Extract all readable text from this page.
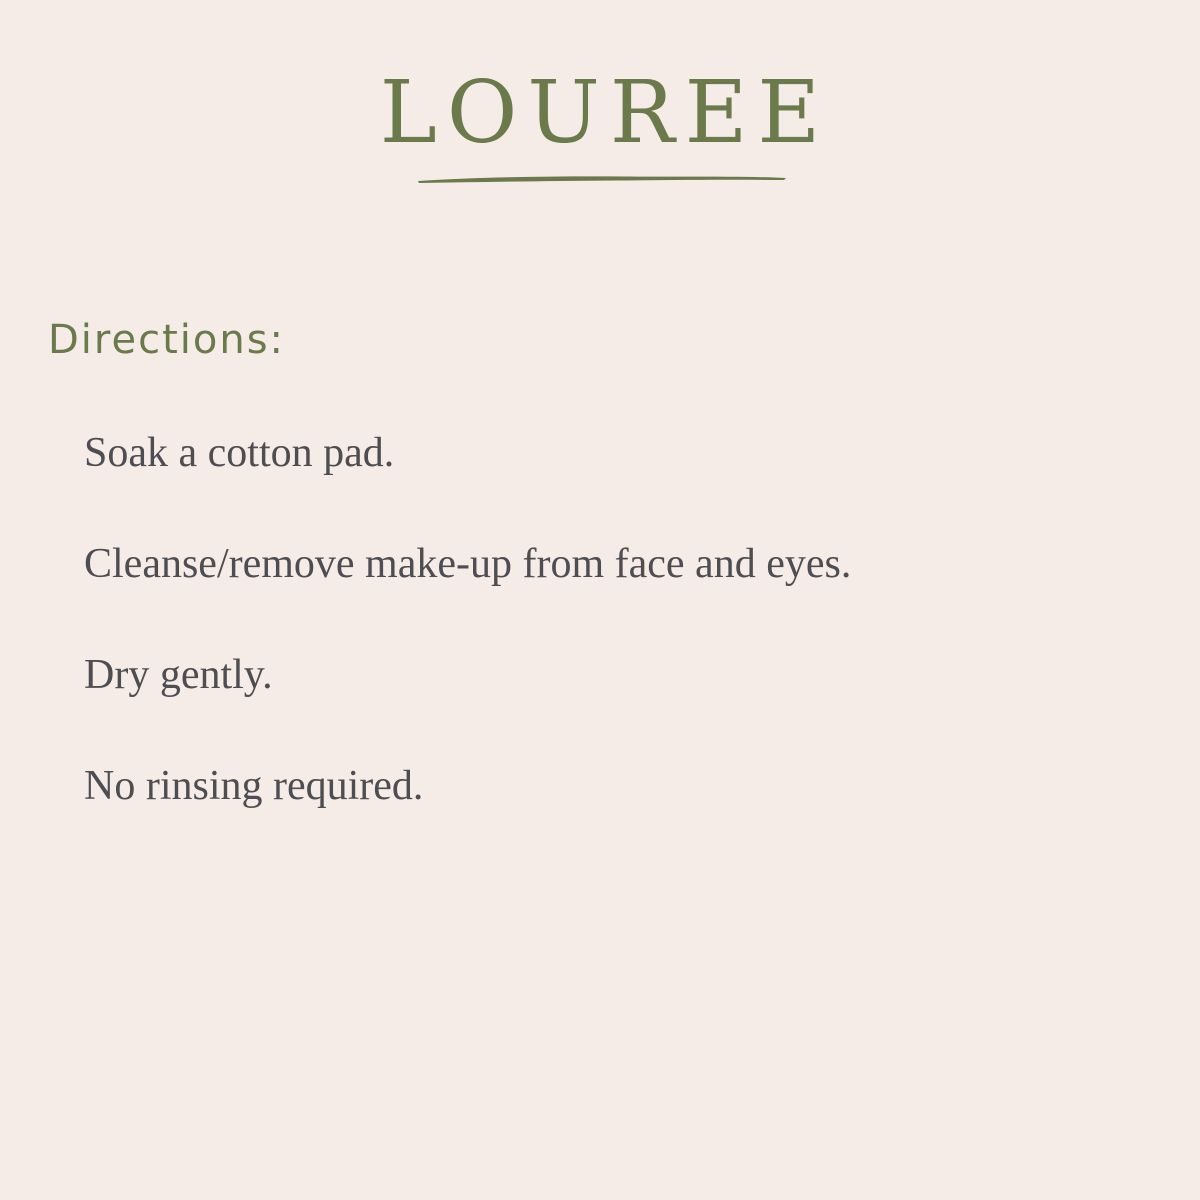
LOUREE
Directions:
Soak a cotton pad.
Cleanse/remove make-up from face and eyes.
Dry gently.
No rinsing required.
